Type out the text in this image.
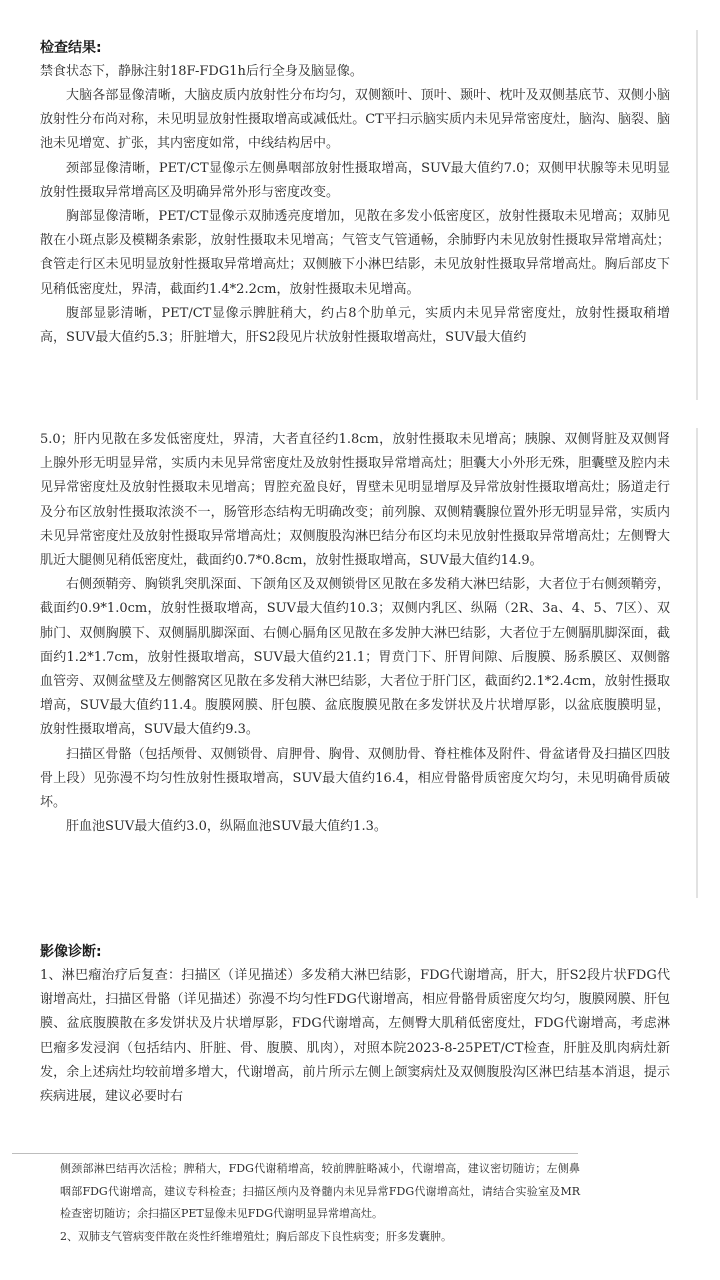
检查结果:

禁食状态下，静脉注射18F-FDG1h后行全身及脑显像。

大脑各部显像清晰，大脑皮质内放射性分布均匀，双侧额叶、顶叶、颞叶、枕叶及双侧基底节、双侧小脑放射性分布尚对称，未见明显放射性摄取增高或减低灶。CT平扫示脑实质内未见异常密度灶，脑沟、脑裂、脑池未见增宽、扩张，其内密度如常，中线结构居中。

颈部显像清晰，PET/CT显像示左侧鼻咽部放射性摄取增高，SUV最大值约7.0；双侧甲状腺等未见明显放射性摄取异常增高区及明确异常外形与密度改变。

胸部显像清晰，PET/CT显像示双肺透亮度增加，见散在多发小低密度区，放射性摄取未见增高；双肺见散在小斑点影及模糊条索影，放射性摄取未见增高；气管支气管通畅，余肺野内未见放射性摄取异常增高灶；食管走行区未见明显放射性摄取异常增高灶；双侧腋下小淋巴结影，未见放射性摄取异常增高灶。胸后部皮下见稍低密度灶，界清，截面约1.4*2.2cm，放射性摄取未见增高。

腹部显影清晰，PET/CT显像示脾脏稍大，约占8个肋单元，实质内未见异常密度灶，放射性摄取稍增高，SUV最大值约5.3；肝脏增大，肝S2段见片状放射性摄取增高灶，SUV最大值约

5.0；肝内见散在多发低密度灶，界清，大者直径约1.8cm，放射性摄取未见增高；胰腺、双侧肾脏及双侧肾上腺外形无明显异常，实质内未见异常密度灶及放射性摄取异常增高灶；胆囊大小外形无殊，胆囊壁及腔内未见异常密度灶及放射性摄取未见增高；胃腔充盈良好，胃壁未见明显增厚及异常放射性摄取增高灶；肠道走行及分布区放射性摄取浓淡不一，肠管形态结构无明确改变；前列腺、双侧精囊腺位置外形无明显异常，实质内未见异常密度灶及放射性摄取异常增高灶；双侧腹股沟淋巴结分布区均未见放射性摄取异常增高灶；左侧臀大肌近大腿侧见稍低密度灶，截面约0.7*0.8cm，放射性摄取增高，SUV最大值约14.9。

右侧颈鞘旁、胸锁乳突肌深面、下颌角区及双侧锁骨区见散在多发稍大淋巴结影，大者位于右侧颈鞘旁，截面约0.9*1.0cm，放射性摄取增高，SUV最大值约10.3；双侧内乳区、纵隔（2R、3a、4、5、7区）、双肺门、双侧胸膜下、双侧膈肌脚深面、右侧心膈角区见散在多发肿大淋巴结影，大者位于左侧膈肌脚深面，截面约1.2*1.7cm，放射性摄取增高，SUV最大值约21.1；胃贲门下、肝胃间隙、后腹膜、肠系膜区、双侧髂血管旁、双侧盆壁及左侧髂窝区见散在多发稍大淋巴结影，大者位于肝门区，截面约2.1*2.4cm，放射性摄取增高，SUV最大值约11.4。腹膜网膜、肝包膜、盆底腹膜见散在多发饼状及片状增厚影，以盆底腹膜明显，放射性摄取增高，SUV最大值约9.3。

扫描区骨骼（包括颅骨、双侧锁骨、肩胛骨、胸骨、双侧肋骨、脊柱椎体及附件、骨盆诸骨及扫描区四肢骨上段）见弥漫不均匀性放射性摄取增高，SUV最大值约16.4，相应骨骼骨质密度欠均匀，未见明确骨质破坏。

肝血池SUV最大值约3.0，纵隔血池SUV最大值约1.3。

影像诊断:

1、淋巴瘤治疗后复查：扫描区（详见描述）多发稍大淋巴结影，FDG代谢增高，肝大，肝S2段片状FDG代谢增高灶，扫描区骨骼（详见描述）弥漫不均匀性FDG代谢增高，相应骨骼骨质密度欠均匀，腹膜网膜、肝包膜、盆底腹膜散在多发饼状及片状增厚影，FDG代谢增高，左侧臀大肌稍低密度灶，FDG代谢增高，考虑淋巴瘤多发浸润（包括结内、肝脏、骨、腹膜、肌肉），对照本院2023-8-25PET/CT检查，肝脏及肌肉病灶新发，余上述病灶均较前增多增大，代谢增高，前片所示左侧上颌窦病灶及双侧腹股沟区淋巴结基本消退，提示疾病进展，建议必要时右

侧颈部淋巴结再次活检；脾稍大，FDG代谢稍增高，较前脾脏略减小，代谢增高，建议密切随访；左侧鼻咽部FDG代谢增高，建议专科检查；扫描区颅内及脊髓内未见异常FDG代谢增高灶，请结合实验室及MR检查密切随访；余扫描区PET显像未见FDG代谢明显异常增高灶。

2、双肺支气管病变伴散在炎性纤维增殖灶；胸后部皮下良性病变；肝多发囊肿。
